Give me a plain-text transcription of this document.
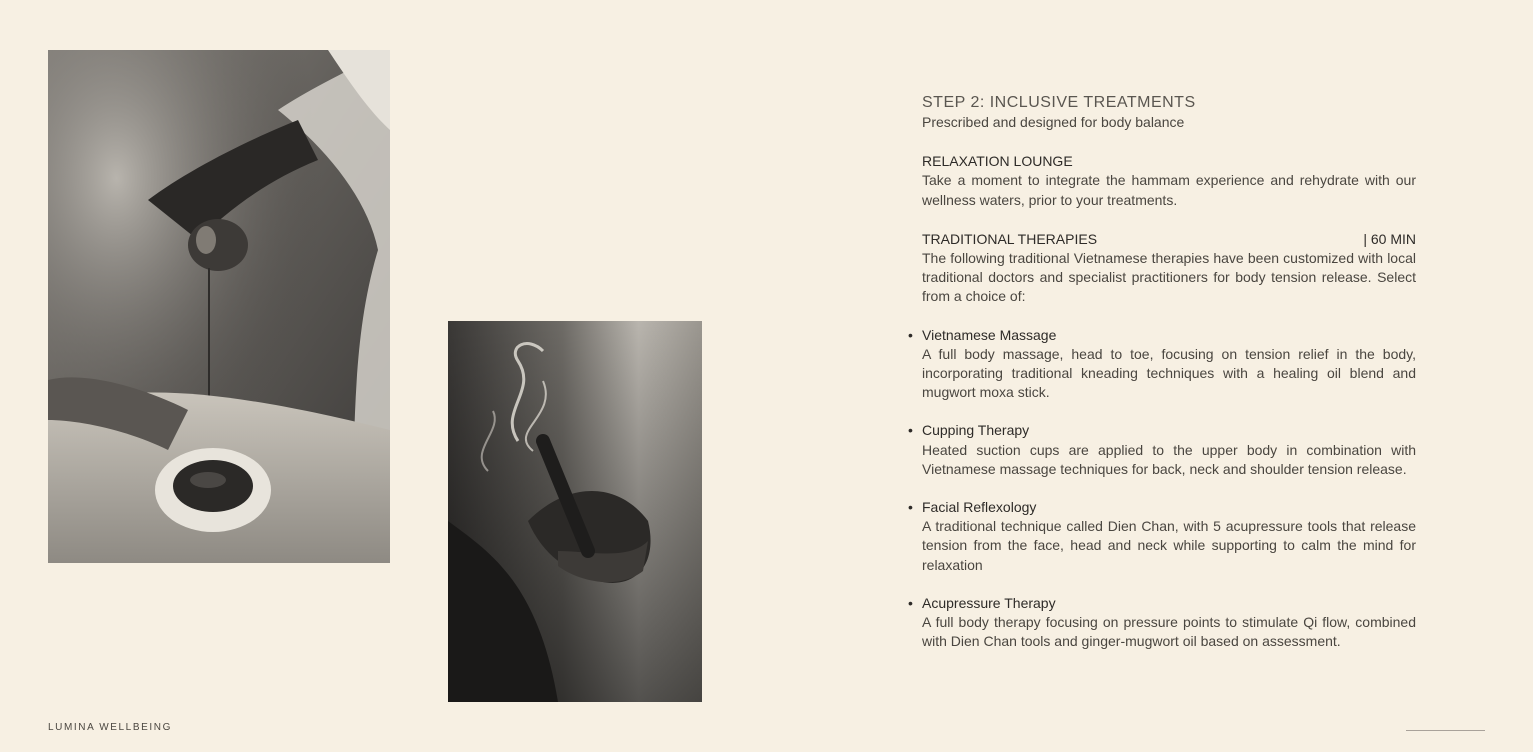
STEP 2: INCLUSIVE TREATMENTS

Prescribed and designed for body balance

RELAXATION LOUNGE

Take a moment to integrate the hammam experience and rehydrate with our wellness waters, prior to your treatments.

TRADITIONAL THERAPIES	| 60 MIN

The following traditional Vietnamese therapies have been customized with local traditional doctors and specialist practitioners for body tension release. Select from a choice of:

• Vietnamese Massage

A full body massage, head to toe, focusing on tension relief in the body, incorporating traditional kneading techniques with a healing oil blend and mugwort moxa stick.

• Cupping Therapy

Heated suction cups are applied to the upper body in combination with Vietnamese massage techniques for back, neck and shoulder tension release.

• Facial Reflexology

A traditional technique called Dien Chan, with 5 acupressure tools that release tension from the face, head and neck while supporting to calm the mind for relaxation

• Acupressure Therapy

A full body therapy focusing on pressure points to stimulate Qi flow, combined with Dien Chan tools and ginger-mugwort oil based on assessment.

LUMINA WELLBEING
